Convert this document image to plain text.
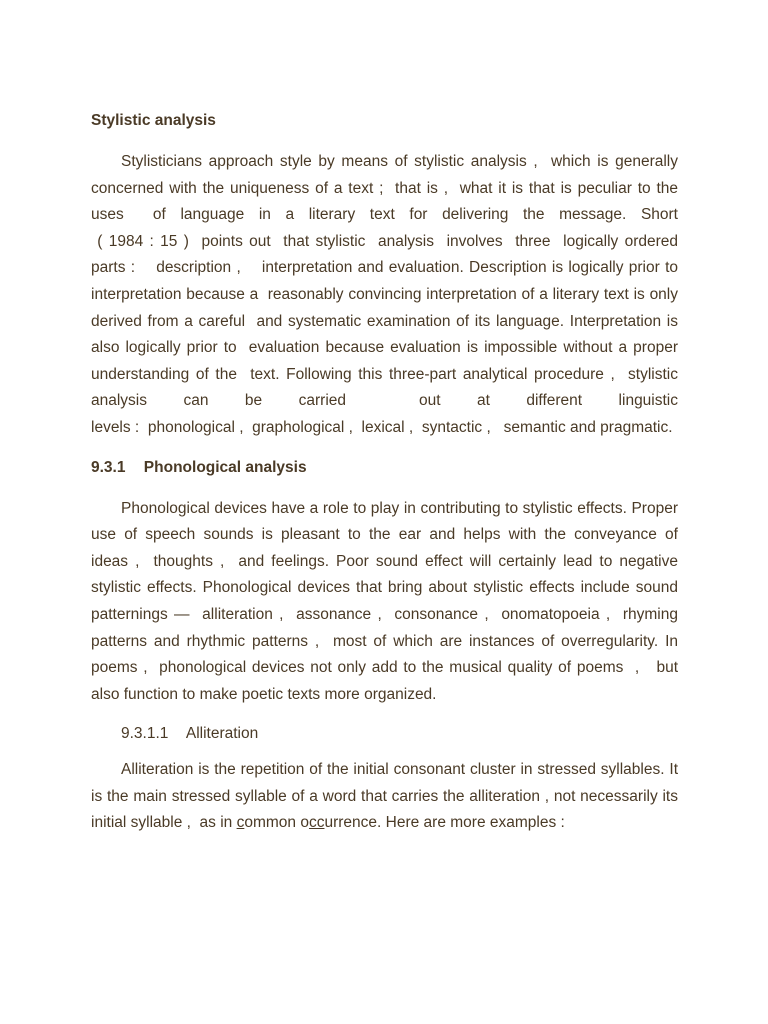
Stylistic analysis

Stylisticians approach style by means of stylistic analysis ,  which is generally concerned with the uniqueness of a text ;  that is ,  what it is that is peculiar to the uses  of language in a literary text for delivering the message. Short  ( 1984 : 15 )  points out  that stylistic  analysis  involves  three  logically ordered parts :    description ,    interpretation and evaluation. Description is logically prior to interpretation because a  reasonably convincing interpretation of a literary text is only derived from a careful  and systematic examination of its language. Interpretation is also logically prior to  evaluation because evaluation is impossible without a proper understanding of the  text. Following this three-part analytical procedure ,  stylistic analysis can be carried  out at different linguistic levels :  phonological ,  graphological ,  lexical ,  syntactic ,   semantic and pragmatic.

9.3.1 Phonological analysis

Phonological devices have a role to play in contributing to stylistic effects. Proper use of speech sounds is pleasant to the ear and helps with the conveyance of ideas ,  thoughts ,  and feelings. Poor sound effect will certainly lead to negative stylistic effects. Phonological devices that bring about stylistic effects include sound patternings —  alliteration ,  assonance ,  consonance ,  onomatopoeia ,  rhyming patterns and rhythmic patterns ,  most of which are instances of overregularity. In poems ,  phonological devices not only add to the musical quality of poems  ,   but also function to make poetic texts more organized.

9.3.1.1 Alliteration

Alliteration is the repetition of the initial consonant cluster in stressed syllables. It is the main stressed syllable of a word that carries the alliteration , not necessarily its initial syllable ,  as in common occurrence. Here are more examples :
